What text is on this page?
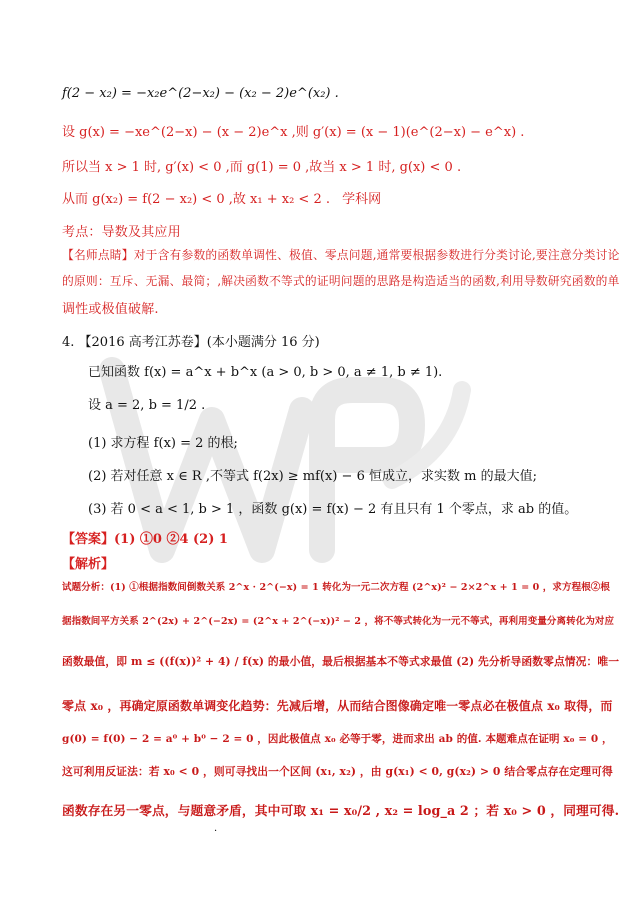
f(2 − x₂) = −x₂e^(2−x₂) − (x₂ − 2)e^(x₂) .
设 g(x) = −xe^(2−x) − (x − 2)e^x ,则 g′(x) = (x − 1)(e^(2−x) − e^x) .
所以当 x > 1 时, g′(x) < 0 ,而 g(1) = 0 ,故当 x > 1 时, g(x) < 0 .
从而 g(x₂) = f(2 − x₂) < 0 ,故 x₁ + x₂ < 2 . 学科网
考点：导数及其应用
【名师点睛】对于含有参数的函数单调性、极值、零点问题,通常要根据参数进行分类讨论,要注意分类讨论
的原则：互斥、无漏、最简；,解决函数不等式的证明问题的思路是构造适当的函数,利用导数研究函数的单
调性或极值破解.
4. 【2016 高考江苏卷】(本小题满分 16 分)
已知函数 f(x) = a^x + b^x (a > 0, b > 0, a ≠ 1, b ≠ 1).
设 a = 2, b = 1/2 .
(1) 求方程 f(x) = 2 的根;
(2) 若对任意 x ∈ R ,不等式 f(2x) ≥ mf(x) − 6 恒成立，求实数 m 的最大值;
(3) 若 0 < a < 1, b > 1 ，函数 g(x) = f(x) − 2 有且只有 1 个零点，求 ab 的值。
【答案】(1) ①0 ②4 (2) 1
【解析】
试题分析：(1) ①根据指数间倒数关系 2^x · 2^(−x) = 1 转化为一元二次方程 (2^x)² − 2×2^x + 1 = 0 ，求方程根②根
据指数间平方关系 2^(2x) + 2^(−2x) = (2^x + 2^(−x))² − 2 ，将不等式转化为一元不等式，再利用变量分离转化为对应
函数最值，即 m ≤ ((f(x))² + 4) / f(x) 的最小值，最后根据基本不等式求最值 (2) 先分析导函数零点情况：唯一
零点 x₀ ，再确定原函数单调变化趋势：先减后增，从而结合图像确定唯一零点必在极值点 x₀ 取得，而
g(0) = f(0) − 2 = a⁰ + b⁰ − 2 = 0 ，因此极值点 x₀ 必等于零，进而求出 ab 的值. 本题难点在证明 x₀ = 0 ，
这可利用反证法：若 x₀ < 0 ，则可寻找出一个区间 (x₁, x₂) ，由 g(x₁) < 0, g(x₂) > 0 结合零点存在定理可得
函数存在另一零点，与题意矛盾，其中可取 x₁ = x₀/2 , x₂ = log_a 2 ；若 x₀ > 0 ，同理可得.
·
